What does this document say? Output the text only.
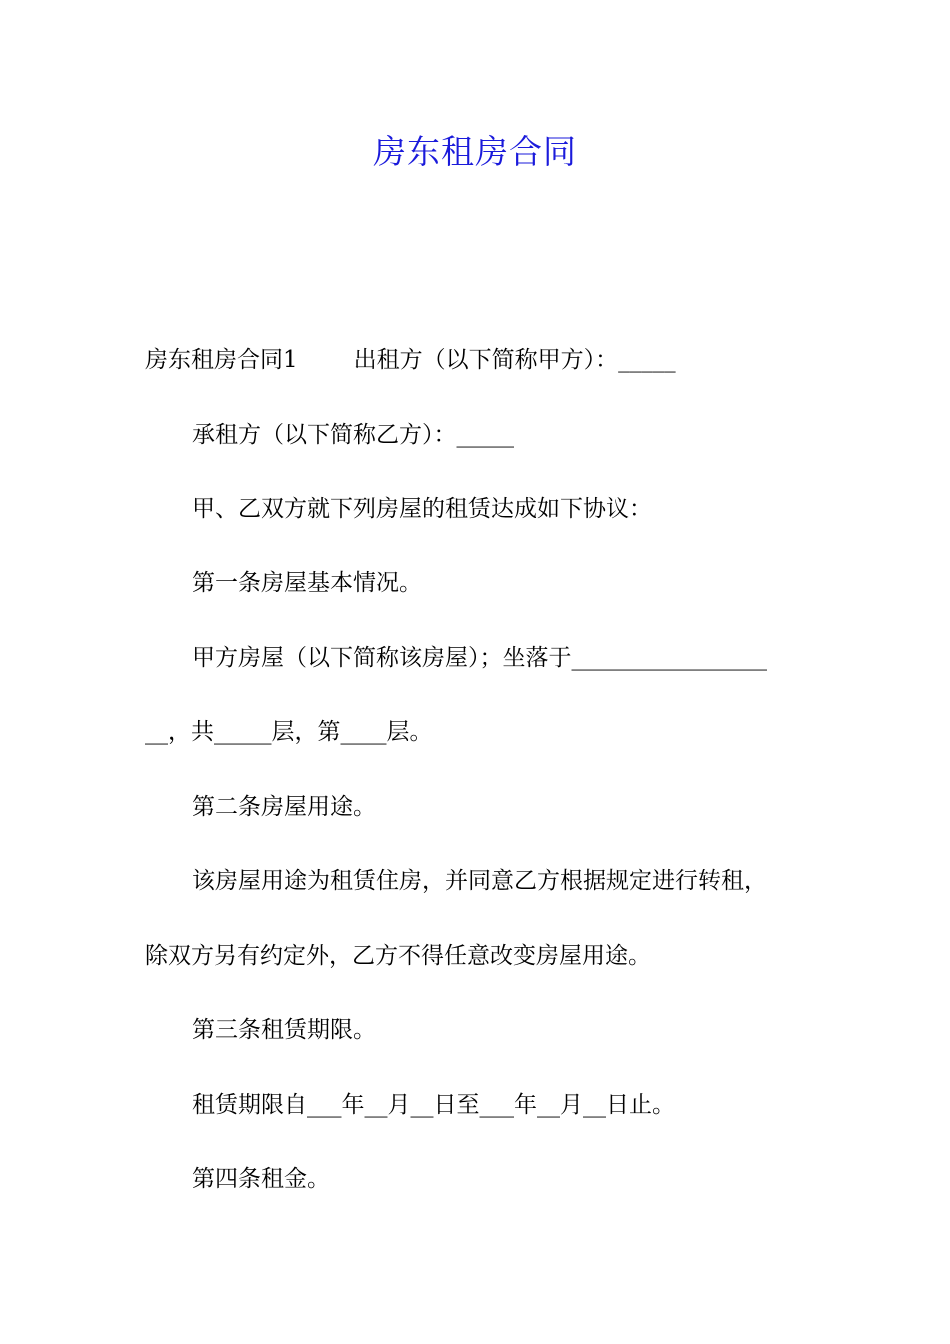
房东租房合同
房东租房合同1 出租方（以下简称甲方）：_____
承租方（以下简称乙方）：_____
甲、乙双方就下列房屋的租赁达成如下协议：
第一条房屋基本情况。
甲方房屋（以下简称该房屋）；坐落于_________________
__，共_____层，第____层。
第二条房屋用途。
该房屋用途为租赁住房，并同意乙方根据规定进行转租，
除双方另有约定外，乙方不得任意改变房屋用途。
第三条租赁期限。
租赁期限自___年__月__日至___年__月__日止。
第四条租金。
